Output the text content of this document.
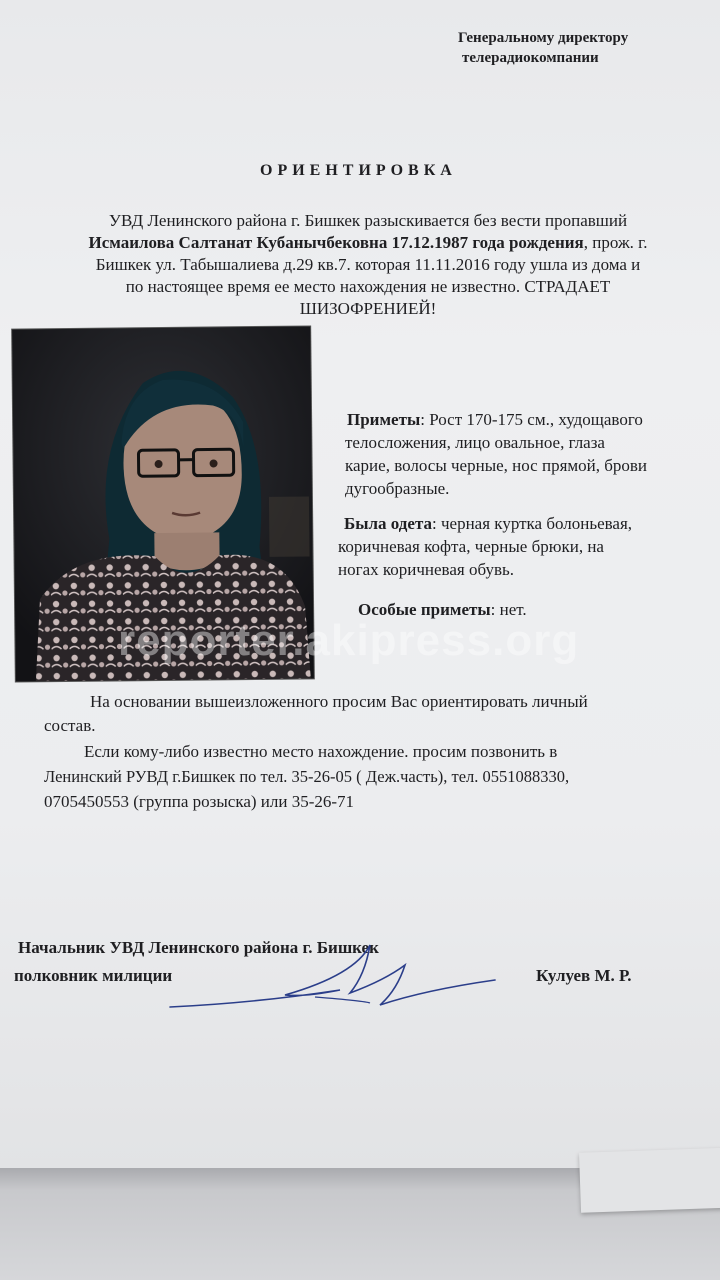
Генеральному директору
телерадиокомпании
ОРИЕНТИРОВКА
УВД Ленинского района г. Бишкек разыскивается без вести пропавший
Исмаилова Салтанат Кубанычбековна 17.12.1987 года рождения, прож. г.
Бишкек ул. Табышалиева д.29 кв.7. которая 11.11.2016 году ушла из дома и
по настоящее время ее место нахождения не известно. СТРАДАЕТ
ШИЗОФРЕНИЕЙ!
Приметы: Рост 170-175 см., худощавого
телосложения, лицо овальное, глаза
карие, волосы черные, нос прямой, брови
дугообразные.
Была одета: черная куртка болоньевая,
коричневая кофта, черные брюки, на
ногах коричневая обувь.
Особые приметы: нет.
reporter.akipress.org
На основании вышеизложенного просим Вас ориентировать личный
состав.
Если кому-либо известно место нахождение. просим позвонить в
Ленинский РУВД г.Бишкек по тел. 35-26-05 ( Деж.часть), тел. 0551088330,
0705450553 (группа розыска) или 35-26-71
Начальник УВД Ленинского района г. Бишкек
полковник милиции	Кулуев М. Р.
